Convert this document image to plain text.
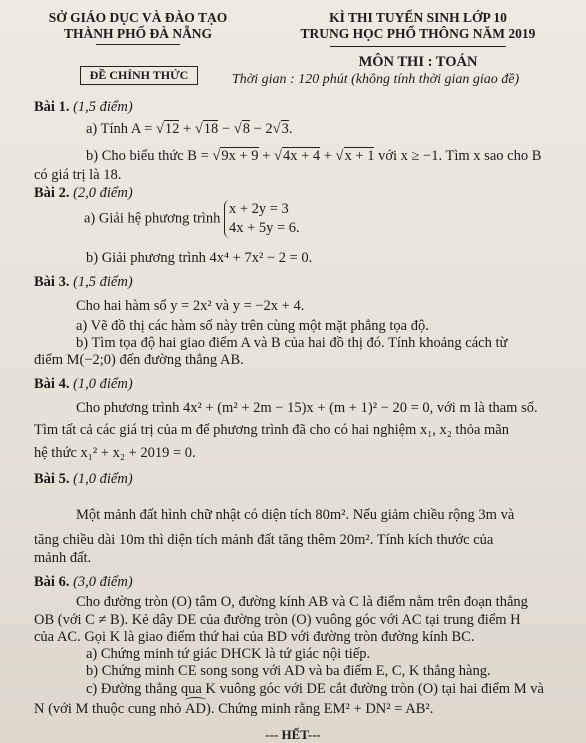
SỞ GIÁO DỤC VÀ ĐÀO TẠO
THÀNH PHỐ ĐÀ NẴNG
KÌ THI TUYỂN SINH LỚP 10
TRUNG HỌC PHỔ THÔNG NĂM 2019
MÔN THI : TOÁN
ĐỀ CHÍNH THỨC	Thời gian : 120 phút (không tính thời gian giao đề)
Bài 1. (1,5 điểm)
a) Tính A = √12 + √18 − √8 − 2√3.
b) Cho biểu thức B = √9x + 9 + √4x + 4 + √x + 1 với x ≥ −1. Tìm x sao cho B
có giá trị là 18.
Bài 2. (2,0 điểm)
a) Giải hệ phương trình
x + 2y = 3
4x + 5y = 6.
b) Giải phương trình 4x⁴ + 7x² − 2 = 0.
Bài 3. (1,5 điểm)
Cho hai hàm số y = 2x² và y = −2x + 4.
a) Vẽ đồ thị các hàm số này trên cùng một mặt phẳng tọa độ.
b) Tìm tọa độ hai giao điểm A và B của hai đồ thị đó. Tính khoảng cách từ
điểm M(−2;0) đến đường thẳng AB.
Bài 4. (1,0 điểm)
Cho phương trình 4x² + (m² + 2m − 15)x + (m + 1)² − 20 = 0, với m là tham số.
Tìm tất cả các giá trị của m để phương trình đã cho có hai nghiệm x₁, x₂ thỏa mãn
hệ thức x₁² + x₂ + 2019 = 0.
Bài 5. (1,0 điểm)
Một mảnh đất hình chữ nhật có diện tích 80m². Nếu giảm chiều rộng 3m và
tăng chiều dài 10m thì diện tích mảnh đất tăng thêm 20m². Tính kích thước của
mảnh đất.
Bài 6. (3,0 điểm)
Cho đường tròn (O) tâm O, đường kính AB và C là điểm nằm trên đoạn thẳng
OB (với C ≠ B). Kẻ dây DE của đường tròn (O) vuông góc với AC tại trung điểm H
của AC. Gọi K là giao điểm thứ hai của BD với đường tròn đường kính BC.
a) Chứng minh tứ giác DHCK là tứ giác nội tiếp.
b) Chứng minh CE song song với AD và ba điểm E, C, K thẳng hàng.
c) Đường thẳng qua K vuông góc với DE cắt đường tròn (O) tại hai điểm M và
N (với M thuộc cung nhỏ AD). Chứng minh rằng EM² + DN² = AB².
--- HẾT---
